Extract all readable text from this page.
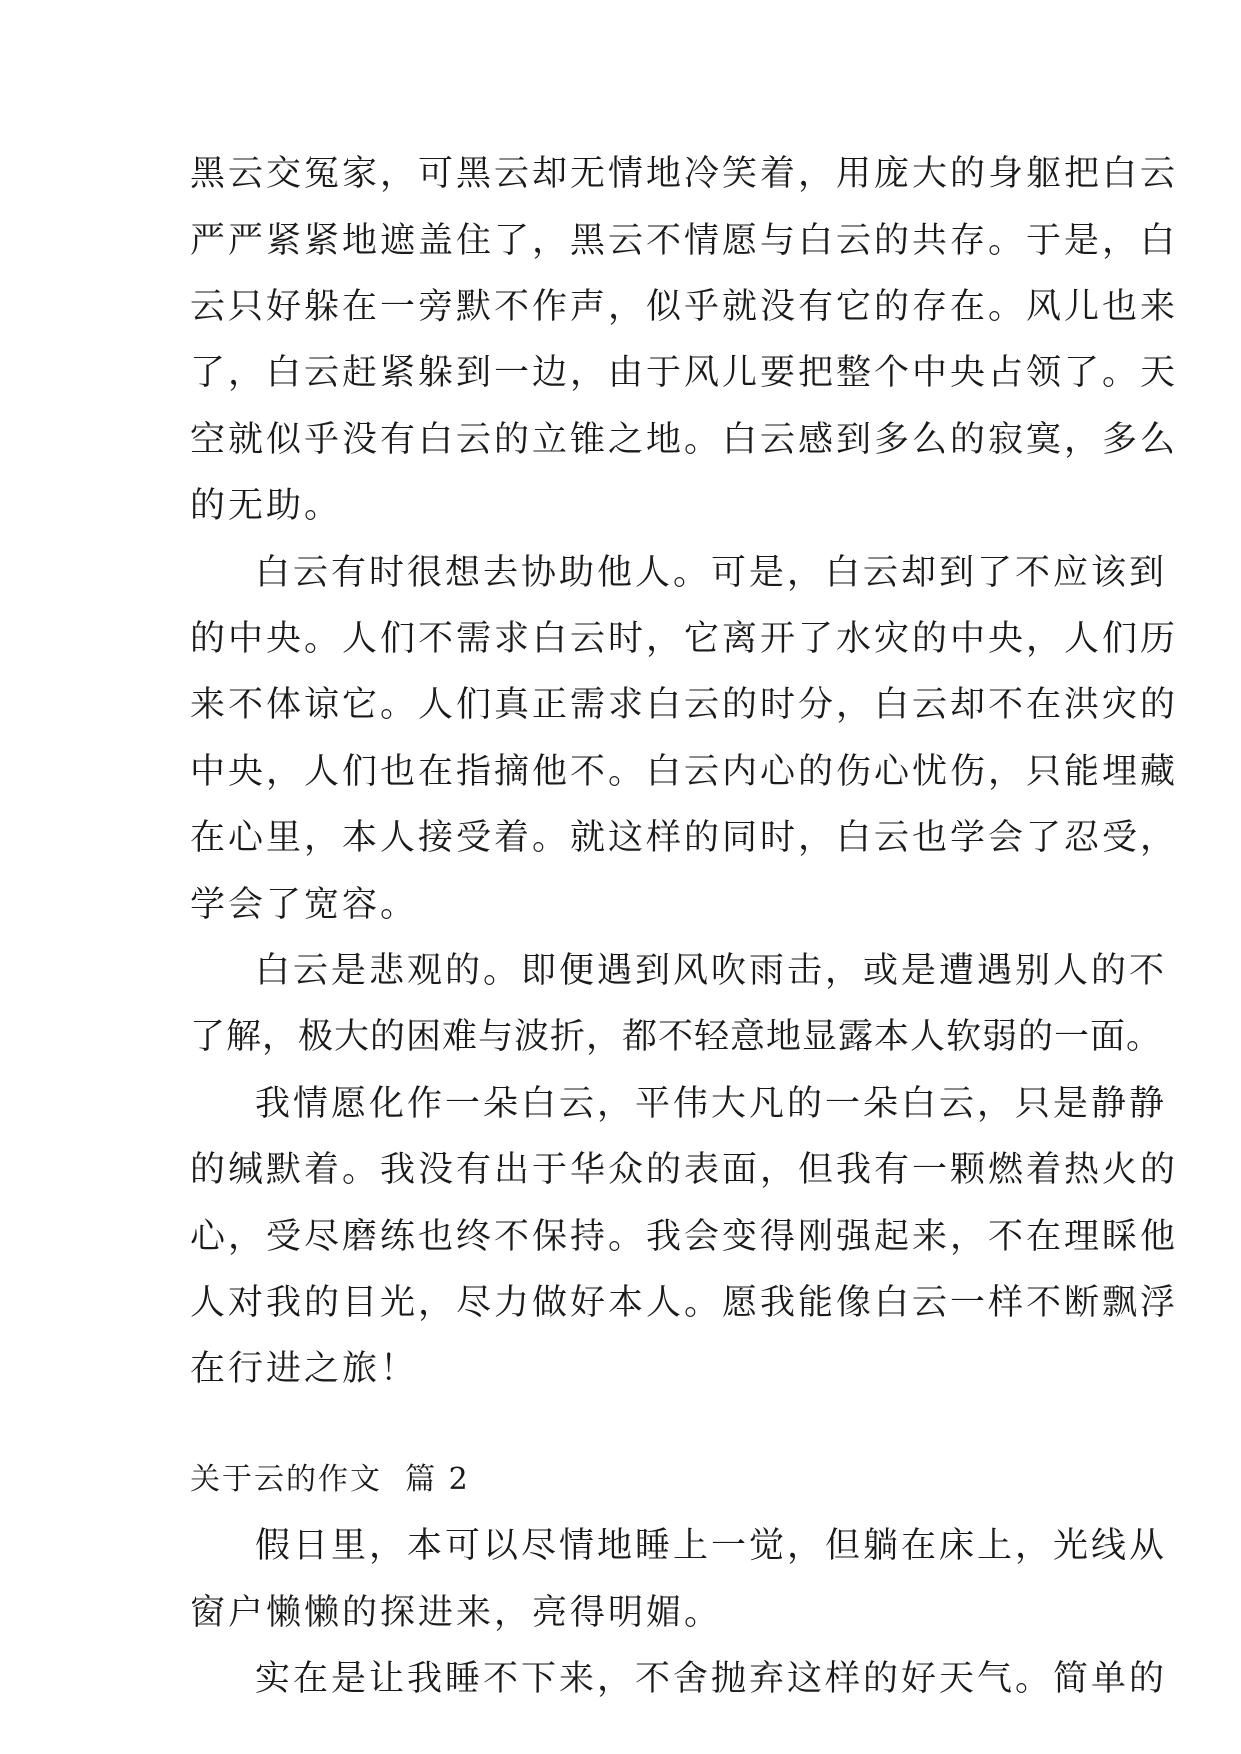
黑云交冤家，可黑云却无情地冷笑着，用庞大的身躯把白云
严严紧紧地遮盖住了，黑云不情愿与白云的共存。于是，白
云只好躲在一旁默不作声，似乎就没有它的存在。风儿也来
了，白云赶紧躲到一边，由于风儿要把整个中央占领了。天
空就似乎没有白云的立锥之地。白云感到多么的寂寞，多么
的无助。
白云有时很想去协助他人。可是，白云却到了不应该到
的中央。人们不需求白云时，它离开了水灾的中央，人们历
来不体谅它。人们真正需求白云的时分，白云却不在洪灾的
中央，人们也在指摘他不。白云内心的伤心忧伤，只能埋藏
在心里，本人接受着。就这样的同时，白云也学会了忍受，
学会了宽容。
白云是悲观的。即便遇到风吹雨击，或是遭遇别人的不
了解，极大的困难与波折，都不轻意地显露本人软弱的一面。
我情愿化作一朵白云，平伟大凡的一朵白云，只是静静
的缄默着。我没有出于华众的表面，但我有一颗燃着热火的
心，受尽磨练也终不保持。我会变得刚强起来，不在理睬他
人对我的目光，尽力做好本人。愿我能像白云一样不断飘浮
在行进之旅！
关于云的作文  篇 2
假日里，本可以尽情地睡上一觉，但躺在床上，光线从
窗户懒懒的探进来，亮得明媚。
实在是让我睡不下来，不舍抛弃这样的好天气。简单的
